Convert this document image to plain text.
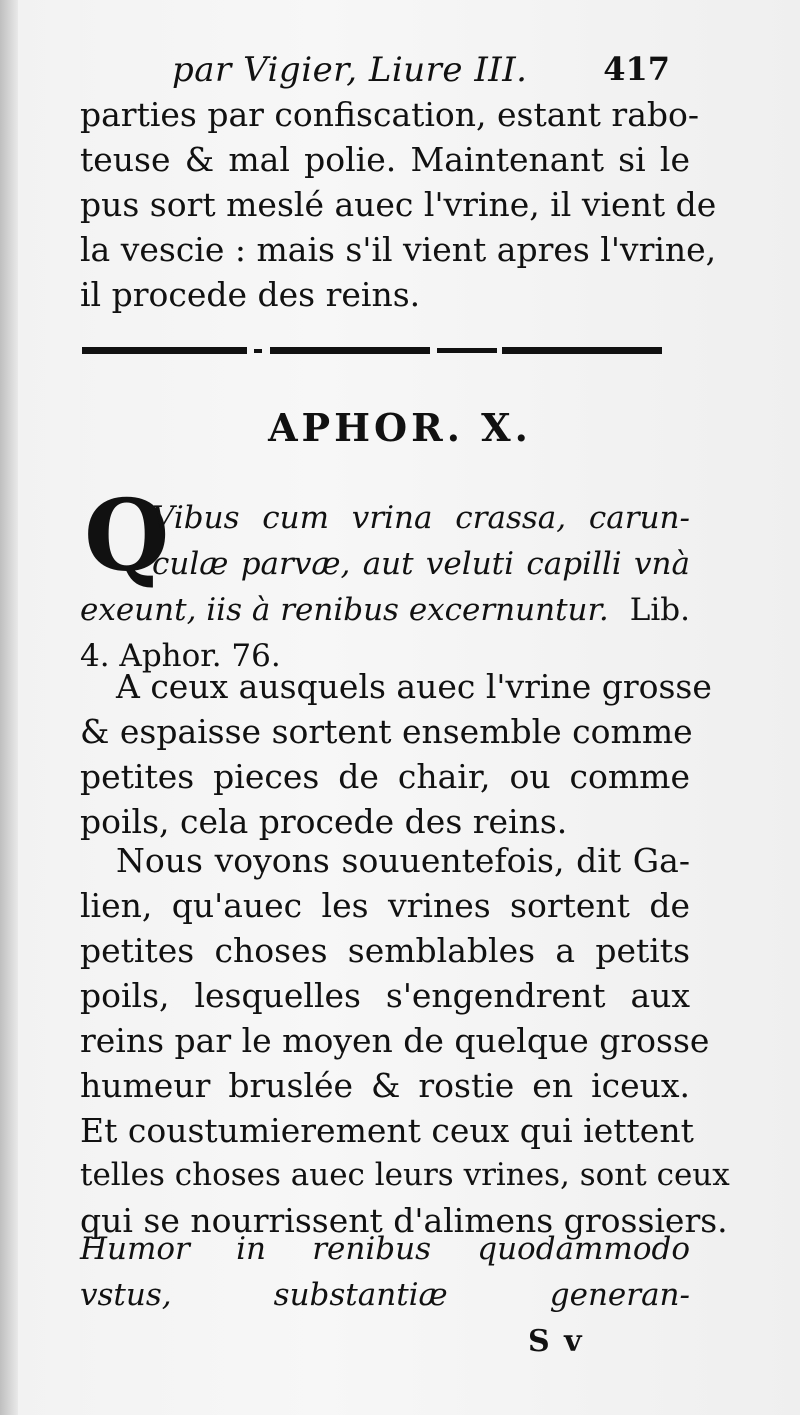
par Vigier, Liure III. 417
parties par confiscation, estant rabo-
teuse & mal polie. Maintenant si le
pus sort meslé auec l'vrine, il vient de
la vescie : mais s'il vient apres l'vrine,
il procede des reins.
APHOR. X.
Q
Vibus cum vrina crassa, carun-
culæ parvæ, aut veluti capilli vnà
exeunt, iis à renibus excernuntur. Lib.
4. Aphor. 76.
A ceux ausquels auec l'vrine grosse
& espaisse sortent ensemble comme
petites pieces de chair, ou comme
poils, cela procede des reins.
Nous voyons souuentefois, dit Ga-
lien, qu'auec les vrines sortent de
petites choses semblables a petits
poils, lesquelles s'engendrent aux
reins par le moyen de quelque grosse
humeur bruslée & rostie en iceux.
Et coustumierement ceux qui iettent
telles choses auec leurs vrines, sont ceux
qui se nourrissent d'alimens grossiers.
Humor in renibus quodammodo
vstus, substantiæ generan-
S v
